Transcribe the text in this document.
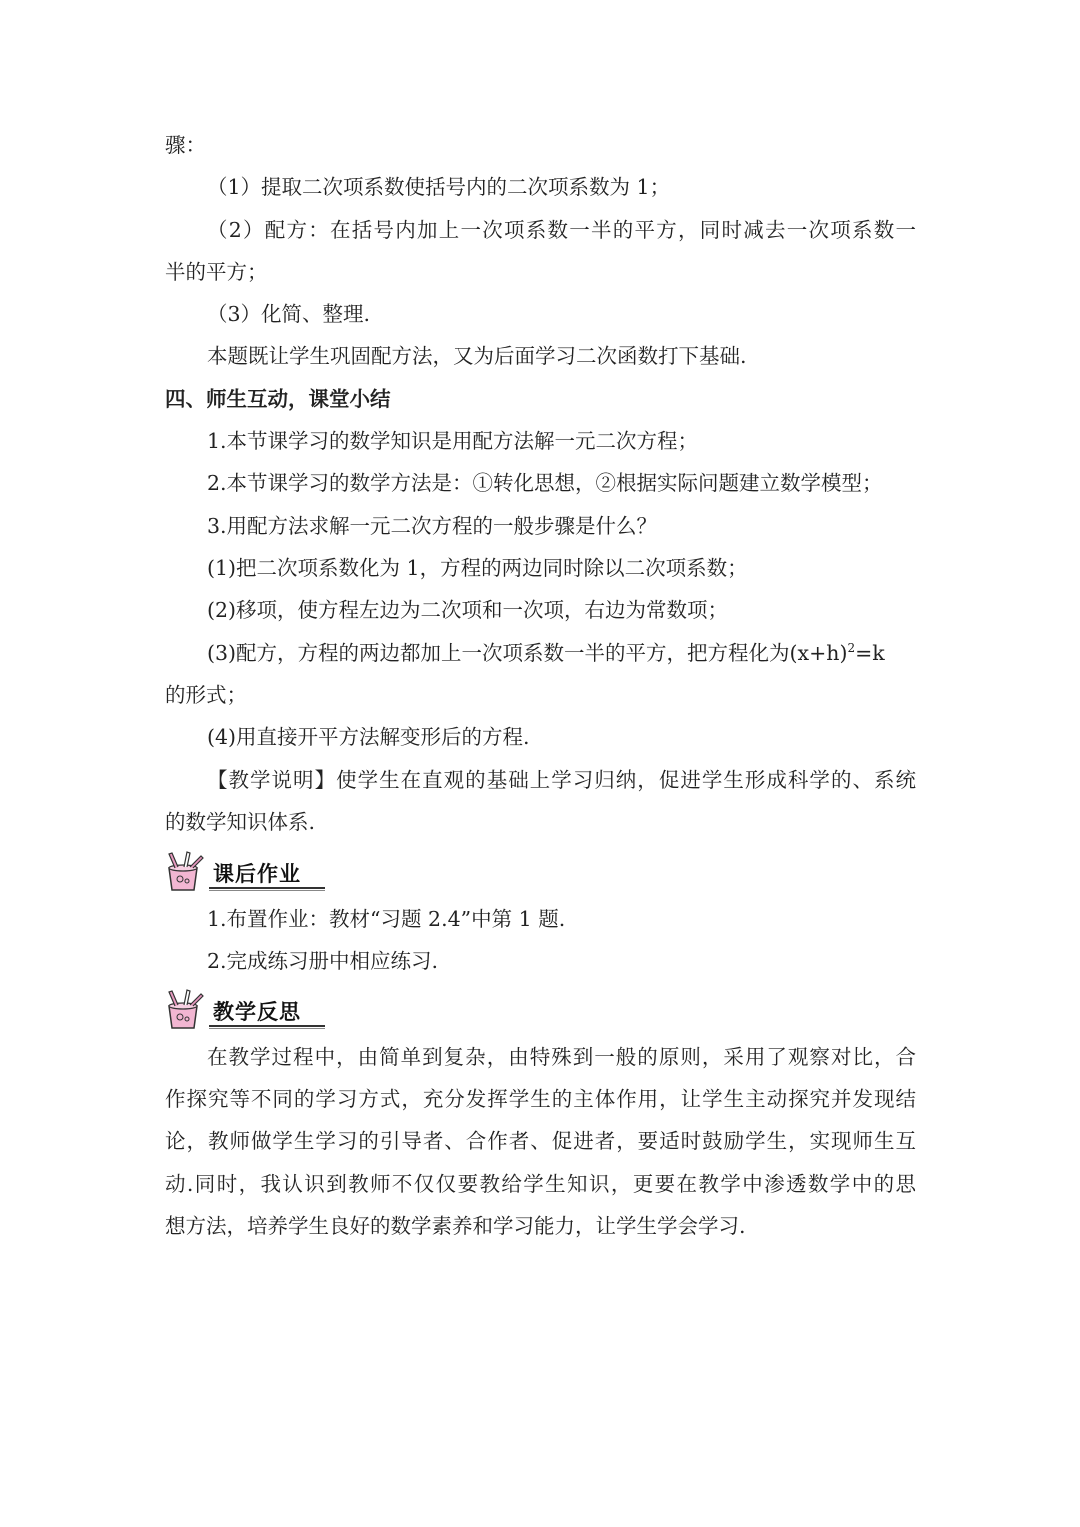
骤：
（1）提取二次项系数使括号内的二次项系数为 1；
（2）配方：在括号内加上一次项系数一半的平方，同时减去一次项系数一
半的平方；
（3）化简、整理.
本题既让学生巩固配方法，又为后面学习二次函数打下基础.
四、师生互动，课堂小结
1.本节课学习的数学知识是用配方法解一元二次方程；
2.本节课学习的数学方法是：①转化思想，②根据实际问题建立数学模型；
3.用配方法求解一元二次方程的一般步骤是什么？
(1)把二次项系数化为 1，方程的两边同时除以二次项系数；
(2)移项，使方程左边为二次项和一次项，右边为常数项；
(3)配方，方程的两边都加上一次项系数一半的平方，把方程化为$(x+h)^2=k$
的形式；
(4)用直接开平方法解变形后的方程.
【教学说明】使学生在直观的基础上学习归纳，促进学生形成科学的、系统
的数学知识体系.
课后作业
1.布置作业：教材“习题 2.4”中第 1 题.
2.完成练习册中相应练习.
教学反思
在教学过程中，由简单到复杂，由特殊到一般的原则，采用了观察对比，合
作探究等不同的学习方式，充分发挥学生的主体作用，让学生主动探究并发现结
论，教师做学生学习的引导者、合作者、促进者，要适时鼓励学生，实现师生互
动.同时，我认识到教师不仅仅要教给学生知识，更要在教学中渗透数学中的思
想方法，培养学生良好的数学素养和学习能力，让学生学会学习.
